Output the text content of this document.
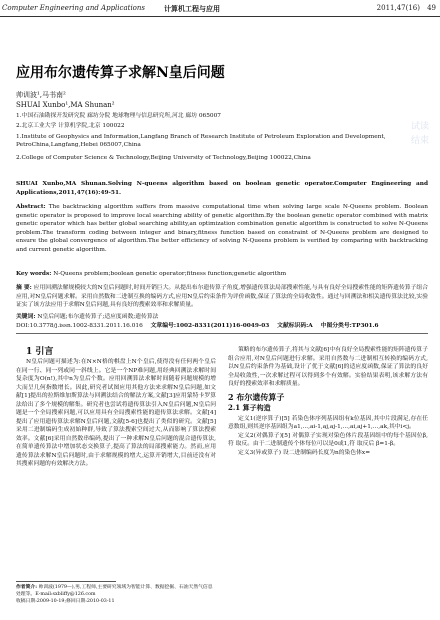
Computer Engineering and Applications	计算机工程与应用	2011,47(16) 49
应用布尔遗传算子求解N皇后问题
帅训波¹,马书南²
SHUAI Xunbo¹,MA Shunan²
1.中国石油勘探开发研究院 廊坊分院 地球物理与信息研究所,河北 廊坊 065007
2.北京工业大学 计算机学院,北京 100022
1.Institute of Geophysics and Information,Langfang Branch of Research Institute of Petroleum Exploration and Development, PetroChina,Langfang,Hebei 065007,China
2.College of Computer Science & Technology,Beijing University of Technology,Beijing 100022,China
SHUAI Xunbo,MA Shunan.Solving N-queens algorithm based on boolean genetic operator.Computer Engineering and Applications,2011,47(16):49-51.
Abstract: The backtracking algorithm suffers from massive computational time when solving large scale N-Queens problem. Boolean genetic operator is proposed to improve local searching ability of genetic algorithm.By the boolean genetic operator combined with matrix genetic operator which has better global searching ability,an optimization combination genetic algorithm is constructed to solve N-Queens problem.The transform coding between integer and binary,fitness function based on constraint of N-Queens problem are designed to ensure the global convergence of algorithm.The better efficiency of solving N-Queens problem is verified by comparing with backtracking and current genetic algorithm.
Key words: N-Queens problem;boolean genetic operator;fitness function;genetic algorithm
摘 要: 应用回溯法解规模较大的N皇后问题时,时间开销巨大。从提出布尔遗传算子角度,增强遗传算法局部搜索性能,与具有良好全局搜索性能的矩阵遗传算子组合应用,对N皇后问题求解。采用自然数和二进制互换的编码方式,应用N皇后约束条件为评价函数,保证了算法的全局收敛性。通过与回溯法和相关遗传算法比较,实验证实了该方法应用于求解N皇后问题,具有良好的搜索效率和求解质量。
关键词: N皇后问题;布尔遗传算子;适应度函数;遗传算法
DOI:10.3778/j.issn.1002-8331.2011.16.016 文章编号:1002-8331(2011)16-0049-03 文献标识码:A 中图分类号:TP301.6
1 引言

N皇后问题可描述为:在N×N格的棋盘上N个皇后,使得没有任何两个皇后在同一行、同一列或同一斜线上。它是一个NP难问题,用经典回溯法求解时间复杂度为O(n!),其中n为皇后个数。应用回溯算法求解时间随着问题规模的增大而呈几何指数增长。因此,研究者试图应用其他方法来求解N皇后问题,如文献[1]提出的拉斯维加斯算法与回溯法结合的解法方案,文献[3]应用蒙特卡罗算法给出了多个规模的解集。研究者也尝试将遗传算法引入N皇后问题,N皇后问题是一个全局搜索问题,可以应用具有全局搜索性能的遗传算法求解。文献[4]提出了应用遗传算法求解N皇后问题,文献[5-6]也提出了类似的研究。文献[5]采用二进制编码生成初始种群,导致了算法搜索空间过大,从而影响了算法搜索效率。文献[6]采用自然数串编码,提出了一种求解N皇后问题的混合遗传算法,在简单遗传算法中增加状态交换算子,提高了算法的局部搜索能力。然而,应用遗传算法求解N皇后问题时,由于求解规模的增大,运算开销增大,目前还没有对其搜索问题的有效解决方法。

策略的布尔遗传算子,将其与文献[6]中有良好全局搜索性能的矩阵遗传算子组合应用,对N皇后问题进行求解。采用自然数与二进制相互转换的编码方式,以N皇后约束条件为基础,设计了优于文献[6]的适应度函数,保证了算法的良好全局收敛性,一次求解过程可以得到多个有效解。实验结果表明,该求解方法有良好的搜索效率和求解质量。

2 布尔遗传算子
2.1 算子构造

定义1(逆序算子)[5] 若染色体序列基因组有k位基因,其中片段满足,存在任意数组,则其逆序基因组为a1,...,ai-1,aj,aj-1,...,ai,aj+1,...,ak,其中i<j。

定义2(对偶算子)[5] 对偶算子实现对染色体片段基因组中的每个基因位β,符 取反。由于二进制遗传个体每位可以是0或1,符 取反后 β=1-β。

定义3(异或算子) 设二进制编码长度为n的染色体x=

作者简介: 帅训波(1979—),男,工程师,主要研究领域为智能计算、数据挖掘、石油天然气信息处理等。E-mail:sxbliffy@126.com
收稿日期:2009-10-19;修回日期:2010-03-11
试读结束
